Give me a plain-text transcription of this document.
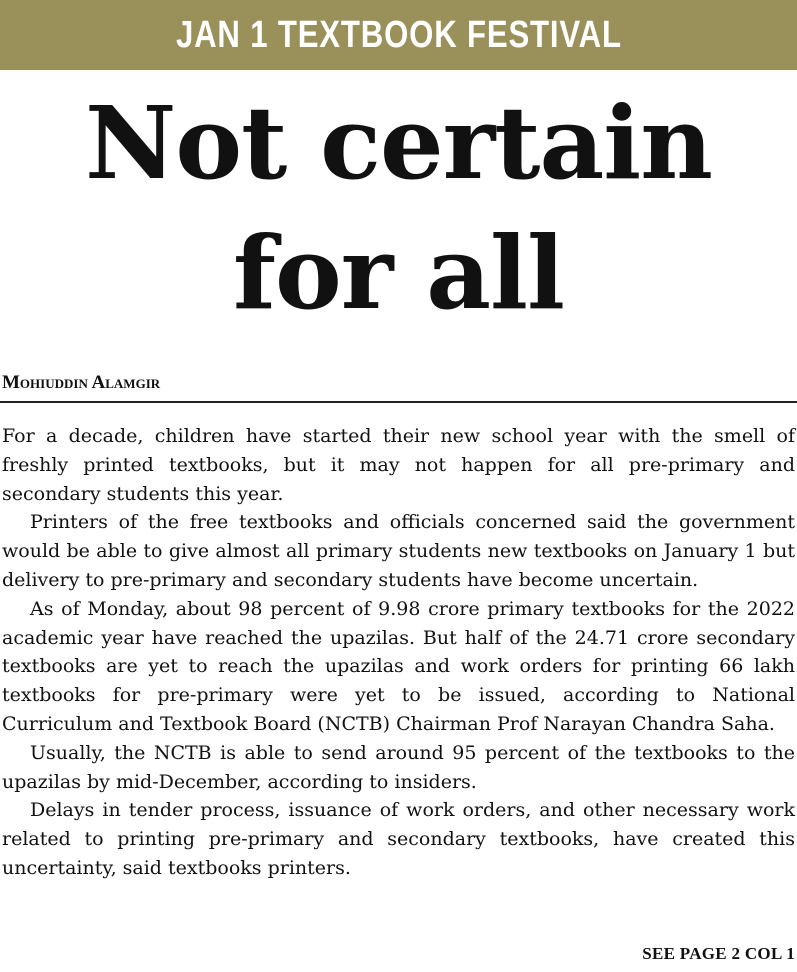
JAN 1 TEXTBOOK FESTIVAL
Not certain
for all
Mohiuddin Alamgir

For a decade, children have started their new school year with the smell of freshly printed textbooks, but it may not happen for all pre-primary and secondary students this year.

Printers of the free textbooks and officials concerned said the government would be able to give almost all primary students new textbooks on January 1 but delivery to pre-primary and secondary students have become uncertain.

As of Monday, about 98 percent of 9.98 crore primary textbooks for the 2022 academic year have reached the upazilas. But half of the 24.71 crore secondary textbooks are yet to reach the upazilas and work orders for printing 66 lakh textbooks for pre-primary were yet to be issued, according to National Curriculum and Textbook Board (NCTB) Chairman Prof Narayan Chandra Saha.

Usually, the NCTB is able to send around 95 percent of the textbooks to the upazilas by mid-December, according to insiders.

Delays in tender process, issuance of work orders, and other necessary work related to printing pre-primary and secondary textbooks, have created this uncertainty, said textbooks printers.

SEE PAGE 2 COL 1
